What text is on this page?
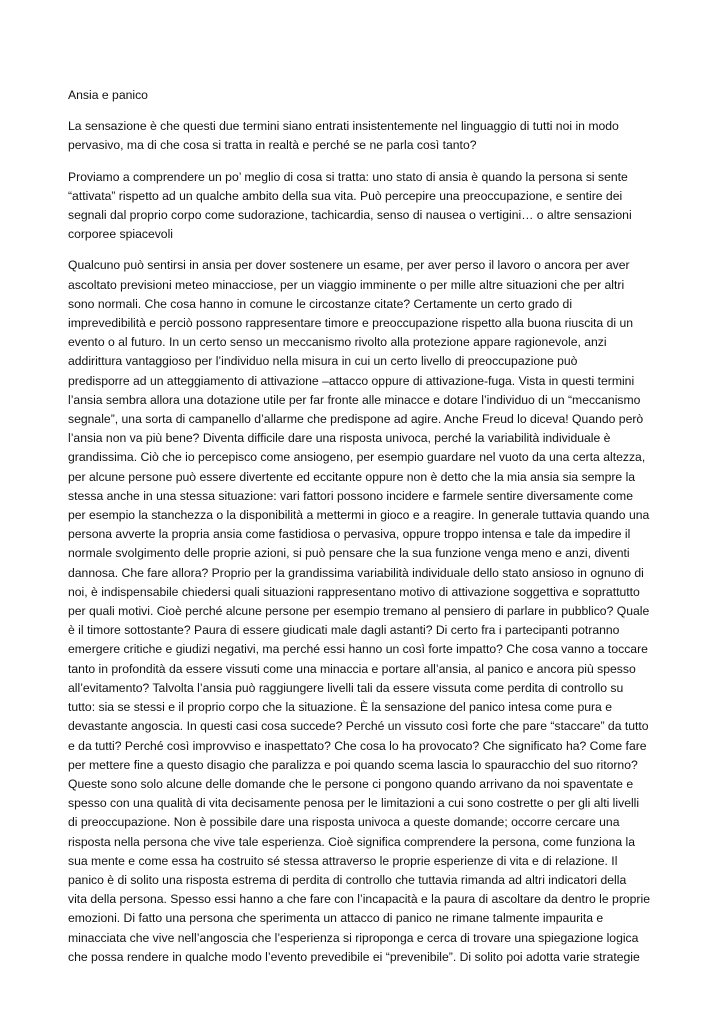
Ansia e panico
La sensazione è che questi due termini siano entrati insistentemente nel linguaggio di tutti noi in modo
pervasivo, ma di che cosa si tratta in realtà e perché se ne parla così tanto?
Proviamo a comprendere un po’ meglio di cosa si tratta: uno stato di ansia è quando la persona si sente
“attivata” rispetto ad un qualche ambito della sua vita. Può percepire una preoccupazione, e sentire dei
segnali dal proprio corpo come sudorazione, tachicardia, senso di nausea o vertigini… o altre sensazioni
corporee spiacevoli
Qualcuno può sentirsi in ansia per dover sostenere un esame, per aver perso il lavoro o ancora per aver
ascoltato previsioni meteo minacciose, per un viaggio imminente o per mille altre situazioni che per altri
sono normali. Che cosa hanno in comune le circostanze citate? Certamente un certo grado di
imprevedibilità e perciò possono rappresentare timore e preoccupazione rispetto alla buona riuscita di un
evento o al futuro. In un certo senso un meccanismo rivolto alla protezione appare ragionevole, anzi
addirittura vantaggioso per l’individuo nella misura in cui un certo livello di preoccupazione può
predisporre ad un atteggiamento di attivazione –attacco oppure di attivazione-fuga. Vista in questi termini
l’ansia sembra allora una dotazione utile per far fronte alle minacce e dotare l’individuo di un “meccanismo
segnale”, una sorta di campanello d’allarme che predispone ad agire. Anche Freud lo diceva! Quando però
l’ansia non va più bene? Diventa difficile dare una risposta univoca, perché la variabilità individuale è
grandissima. Ciò che io percepisco come ansiogeno, per esempio guardare nel vuoto da una certa altezza,
per alcune persone può essere divertente ed eccitante oppure non è detto che la mia ansia sia sempre la
stessa anche in una stessa situazione: vari fattori possono incidere e farmele sentire diversamente come
per esempio la stanchezza o la disponibilità a mettermi in gioco e a reagire. In generale tuttavia quando una
persona avverte la propria ansia come fastidiosa o pervasiva, oppure troppo intensa e tale da impedire il
normale svolgimento delle proprie azioni, si può pensare che la sua funzione venga meno e anzi, diventi
dannosa. Che fare allora? Proprio per la grandissima variabilità individuale dello stato ansioso in ognuno di
noi, è indispensabile chiedersi quali situazioni rappresentano motivo di attivazione soggettiva e soprattutto
per quali motivi. Cioè perché alcune persone per esempio tremano al pensiero di parlare in pubblico? Quale
è il timore sottostante? Paura di essere giudicati male dagli astanti? Di certo fra i partecipanti potranno
emergere critiche e giudizi negativi, ma perché essi hanno un così forte impatto? Che cosa vanno a toccare
tanto in profondità da essere vissuti come una minaccia e portare all’ansia, al panico e ancora più spesso
all’evitamento? Talvolta l’ansia può raggiungere livelli tali da essere vissuta come perdita di controllo su
tutto: sia se stessi e il proprio corpo che la situazione. È la sensazione del panico intesa come pura e
devastante angoscia. In questi casi cosa succede? Perché un vissuto così forte che pare “staccare” da tutto
e da tutti? Perché così improvviso e inaspettato? Che cosa lo ha provocato? Che significato ha? Come fare
per mettere fine a questo disagio che paralizza e poi quando scema lascia lo spauracchio del suo ritorno?
Queste sono solo alcune delle domande che le persone ci pongono quando arrivano da noi spaventate e
spesso con una qualità di vita decisamente penosa per le limitazioni a cui sono costrette o per gli alti livelli
di preoccupazione. Non è possibile dare una risposta univoca a queste domande; occorre cercare una
risposta nella persona che vive tale esperienza. Cioè significa comprendere la persona, come funziona la
sua mente e come essa ha costruito sé stessa attraverso le proprie esperienze di vita e di relazione. Il
panico è di solito una risposta estrema di perdita di controllo che tuttavia rimanda ad altri indicatori della
vita della persona. Spesso essi hanno a che fare con l’incapacità e la paura di ascoltare da dentro le proprie
emozioni. Di fatto una persona che sperimenta un attacco di panico ne rimane talmente impaurita e
minacciata che vive nell’angoscia che l’esperienza si riproponga e cerca di trovare una spiegazione logica
che possa rendere in qualche modo l’evento prevedibile ei “prevenibile”. Di solito poi adotta varie strategie
